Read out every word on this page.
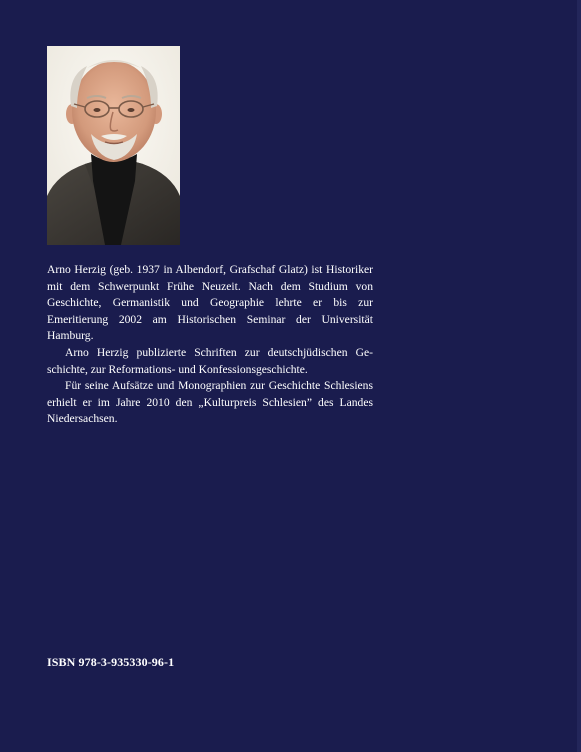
Arno Herzig (geb. 1937 in Albendorf, Grafschaf Glatz) ist Historiker mit dem Schwerpunkt Frühe Neuzeit. Nach dem Studium von Geschichte, Germanistik und Geographie lehrte er bis zur Emeritierung 2002 am Historischen Seminar der Universität Hamburg.

Arno Herzig publizierte Schriften zur deutschjüdischen Geschichte, zur Reformations- und Konfessionsgeschichte.

Für seine Aufsätze und Monographien zur Geschichte Schlesiens erhielt er im Jahre 2010 den „Kulturpreis Schlesien” des Landes Niedersachsen.

ISBN 978-3-935330-96-1
